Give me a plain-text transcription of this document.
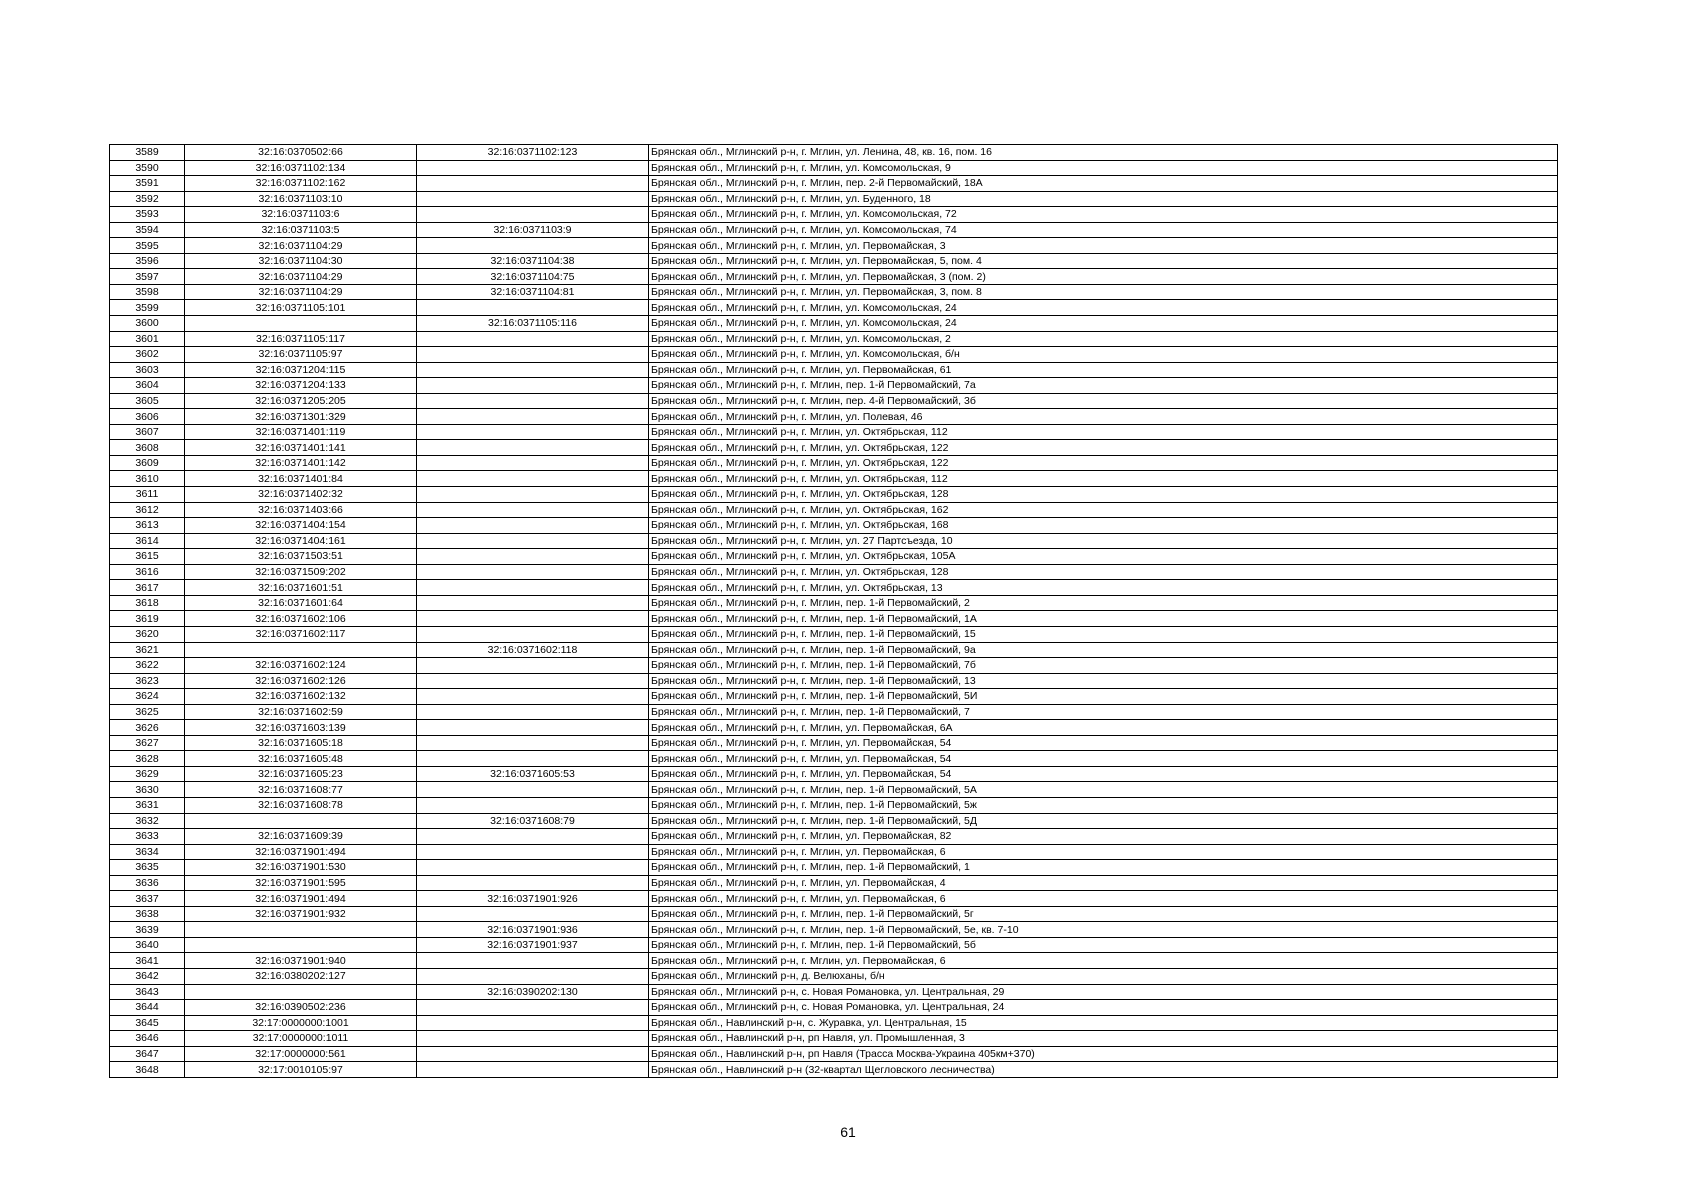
3589	32:16:0370502:66	32:16:0371102:123	Брянская обл., Мглинский р-н, г. Мглин, ул. Ленина, 48, кв. 16, пом. 16
3590	32:16:0371102:134		Брянская обл., Мглинский р-н, г. Мглин, ул. Комсомольская, 9
3591	32:16:0371102:162		Брянская обл., Мглинский р-н, г. Мглин, пер. 2-й Первомайский, 18А
3592	32:16:0371103:10		Брянская обл., Мглинский р-н, г. Мглин, ул. Буденного, 18
3593	32:16:0371103:6		Брянская обл., Мглинский р-н, г. Мглин, ул. Комсомольская, 72
3594	32:16:0371103:5	32:16:0371103:9	Брянская обл., Мглинский р-н, г. Мглин, ул. Комсомольская, 74
3595	32:16:0371104:29		Брянская обл., Мглинский р-н, г. Мглин, ул. Первомайская, 3
3596	32:16:0371104:30	32:16:0371104:38	Брянская обл., Мглинский р-н, г. Мглин, ул. Первомайская, 5, пом. 4
3597	32:16:0371104:29	32:16:0371104:75	Брянская обл., Мглинский р-н, г. Мглин, ул. Первомайская, 3 (пом. 2)
3598	32:16:0371104:29	32:16:0371104:81	Брянская обл., Мглинский р-н, г. Мглин, ул. Первомайская, 3, пом. 8
3599	32:16:0371105:101		Брянская обл., Мглинский р-н, г. Мглин, ул. Комсомольская, 24
3600		32:16:0371105:116	Брянская обл., Мглинский р-н, г. Мглин, ул. Комсомольская, 24
3601	32:16:0371105:117		Брянская обл., Мглинский р-н, г. Мглин, ул. Комсомольская, 2
3602	32:16:0371105:97		Брянская обл., Мглинский р-н, г. Мглин, ул. Комсомольская, б/н
3603	32:16:0371204:115		Брянская обл., Мглинский р-н, г. Мглин, ул. Первомайская, 61
3604	32:16:0371204:133		Брянская обл., Мглинский р-н, г. Мглин, пер. 1-й Первомайский, 7а
3605	32:16:0371205:205		Брянская обл., Мглинский р-н, г. Мглин, пер. 4-й Первомайский, 3б
3606	32:16:0371301:329		Брянская обл., Мглинский р-н, г. Мглин, ул. Полевая, 46
3607	32:16:0371401:119		Брянская обл., Мглинский р-н, г. Мглин, ул. Октябрьская, 112
3608	32:16:0371401:141		Брянская обл., Мглинский р-н, г. Мглин, ул. Октябрьская, 122
3609	32:16:0371401:142		Брянская обл., Мглинский р-н, г. Мглин, ул. Октябрьская, 122
3610	32:16:0371401:84		Брянская обл., Мглинский р-н, г. Мглин, ул. Октябрьская, 112
3611	32:16:0371402:32		Брянская обл., Мглинский р-н, г. Мглин, ул. Октябрьская, 128
3612	32:16:0371403:66		Брянская обл., Мглинский р-н, г. Мглин, ул. Октябрьская, 162
3613	32:16:0371404:154		Брянская обл., Мглинский р-н, г. Мглин, ул. Октябрьская, 168
3614	32:16:0371404:161		Брянская обл., Мглинский р-н, г. Мглин, ул. 27 Партсъезда, 10
3615	32:16:0371503:51		Брянская обл., Мглинский р-н, г. Мглин, ул. Октябрьская, 105А
3616	32:16:0371509:202		Брянская обл., Мглинский р-н, г. Мглин, ул. Октябрьская, 128
3617	32:16:0371601:51		Брянская обл., Мглинский р-н, г. Мглин, ул. Октябрьская, 13
3618	32:16:0371601:64		Брянская обл., Мглинский р-н, г. Мглин, пер. 1-й Первомайский, 2
3619	32:16:0371602:106		Брянская обл., Мглинский р-н, г. Мглин, пер. 1-й Первомайский, 1А
3620	32:16:0371602:117		Брянская обл., Мглинский р-н, г. Мглин, пер. 1-й Первомайский, 15
3621		32:16:0371602:118	Брянская обл., Мглинский р-н, г. Мглин, пер. 1-й Первомайский, 9а
3622	32:16:0371602:124		Брянская обл., Мглинский р-н, г. Мглин, пер. 1-й Первомайский, 7б
3623	32:16:0371602:126		Брянская обл., Мглинский р-н, г. Мглин, пер. 1-й Первомайский, 13
3624	32:16:0371602:132		Брянская обл., Мглинский р-н, г. Мглин, пер. 1-й Первомайский, 5И
3625	32:16:0371602:59		Брянская обл., Мглинский р-н, г. Мглин, пер. 1-й Первомайский, 7
3626	32:16:0371603:139		Брянская обл., Мглинский р-н, г. Мглин, ул. Первомайская, 6А
3627	32:16:0371605:18		Брянская обл., Мглинский р-н, г. Мглин, ул. Первомайская, 54
3628	32:16:0371605:48		Брянская обл., Мглинский р-н, г. Мглин, ул. Первомайская, 54
3629	32:16:0371605:23	32:16:0371605:53	Брянская обл., Мглинский р-н, г. Мглин, ул. Первомайская, 54
3630	32:16:0371608:77		Брянская обл., Мглинский р-н, г. Мглин, пер. 1-й Первомайский, 5А
3631	32:16:0371608:78		Брянская обл., Мглинский р-н, г. Мглин, пер. 1-й Первомайский, 5ж
3632		32:16:0371608:79	Брянская обл., Мглинский р-н, г. Мглин, пер. 1-й Первомайский, 5Д
3633	32:16:0371609:39		Брянская обл., Мглинский р-н, г. Мглин, ул. Первомайская, 82
3634	32:16:0371901:494		Брянская обл., Мглинский р-н, г. Мглин, ул. Первомайская, 6
3635	32:16:0371901:530		Брянская обл., Мглинский р-н, г. Мглин, пер. 1-й Первомайский, 1
3636	32:16:0371901:595		Брянская обл., Мглинский р-н, г. Мглин, ул. Первомайская, 4
3637	32:16:0371901:494	32:16:0371901:926	Брянская обл., Мглинский р-н, г. Мглин, ул. Первомайская, 6
3638	32:16:0371901:932		Брянская обл., Мглинский р-н, г. Мглин, пер. 1-й Первомайский, 5г
3639		32:16:0371901:936	Брянская обл., Мглинский р-н, г. Мглин, пер. 1-й Первомайский, 5е, кв. 7-10
3640		32:16:0371901:937	Брянская обл., Мглинский р-н, г. Мглин, пер. 1-й Первомайский, 5б
3641	32:16:0371901:940		Брянская обл., Мглинский р-н, г. Мглин, ул. Первомайская, 6
3642	32:16:0380202:127		Брянская обл., Мглинский р-н, д. Велюханы, б/н
3643		32:16:0390202:130	Брянская обл., Мглинский р-н, с. Новая Романовка, ул. Центральная, 29
3644	32:16:0390502:236		Брянская обл., Мглинский р-н, с. Новая Романовка, ул. Центральная, 24
3645	32:17:0000000:1001		Брянская обл., Навлинский р-н, с. Журавка, ул. Центральная, 15
3646	32:17:0000000:1011		Брянская обл., Навлинский р-н, рп Навля, ул. Промышленная, 3
3647	32:17:0000000:561		Брянская обл., Навлинский р-н, рп Навля (Трасса Москва-Украина 405км+370)
3648	32:17:0010105:97		Брянская обл., Навлинский р-н (32-квартал Щегловского лесничества)
61
